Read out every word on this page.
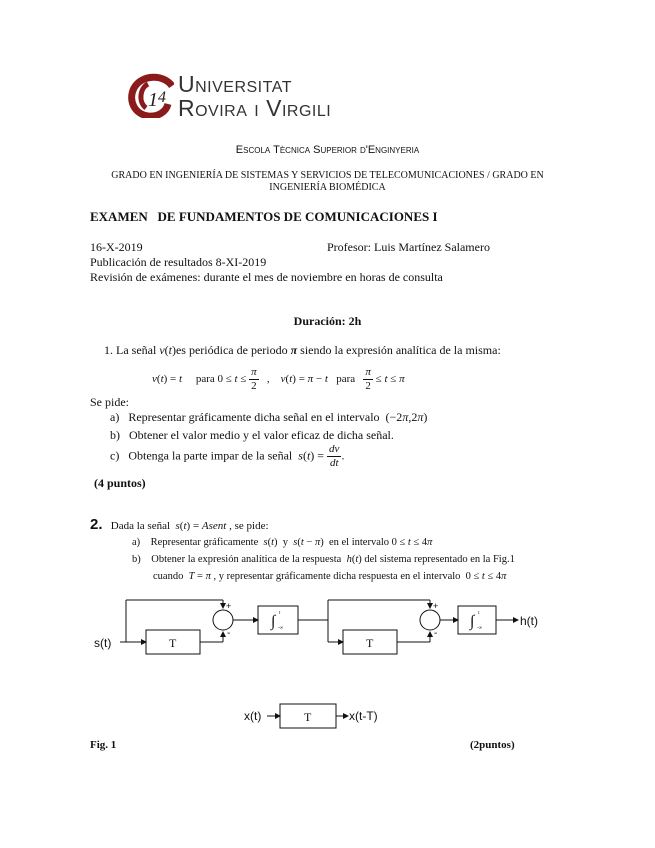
1 4
Universitat
Rovira i Virgili
Escola Tècnica Superior d'Enginyeria
GRADO EN INGENIERÍA DE SISTEMAS Y SERVICIOS DE TELECOMUNICACIONES / GRADO EN
INGENIERÍA BIOMÉDICA
EXAMEN   DE FUNDAMENTOS DE COMUNICACIONES I
16-X-2019	Profesor: Luis Martínez Salamero
Publicación de resultados 8-XI-2019
Revisión de exámenes: durante el mes de noviembre en horas de consulta
Duración: 2h
1. La señal v(t)es periódica de periodo π siendo la expresión analítica de la misma:
v(t) = t     para $0 \le t \le \frac{\pi}{2}$ ,    v(t) = π − t   para $\frac{\pi}{2} \le t \le \pi$
Se pide:
a) Representar gráficamente dicha señal en el intervalo  (−2π,2π)
b) Obtener el valor medio y el valor eficaz de dicha señal.
c) Obtenga la parte impar de la señal $s(t) = \frac{dv}{dt}$ .
(4 puntos)
2. Dada la señal s(t) = Asent , se pide:
a) Representar gráficamente s(t)  y s(t − π)  en el intervalo 0 ≤ t ≤ 4π
b) Obtener la expresión analítica de la respuesta h(t) del sistema representado en la Fig.1
cuando T = π , y representar gráficamente dicha respuesta en el intervalo  0 ≤ t ≤ 4π
s(t)
h(t)
T	T
+
-
+
-
∫ t
-∞	∫ t
-∞
x(t)	T	x(t-T)
Fig. 1	(2puntos)
